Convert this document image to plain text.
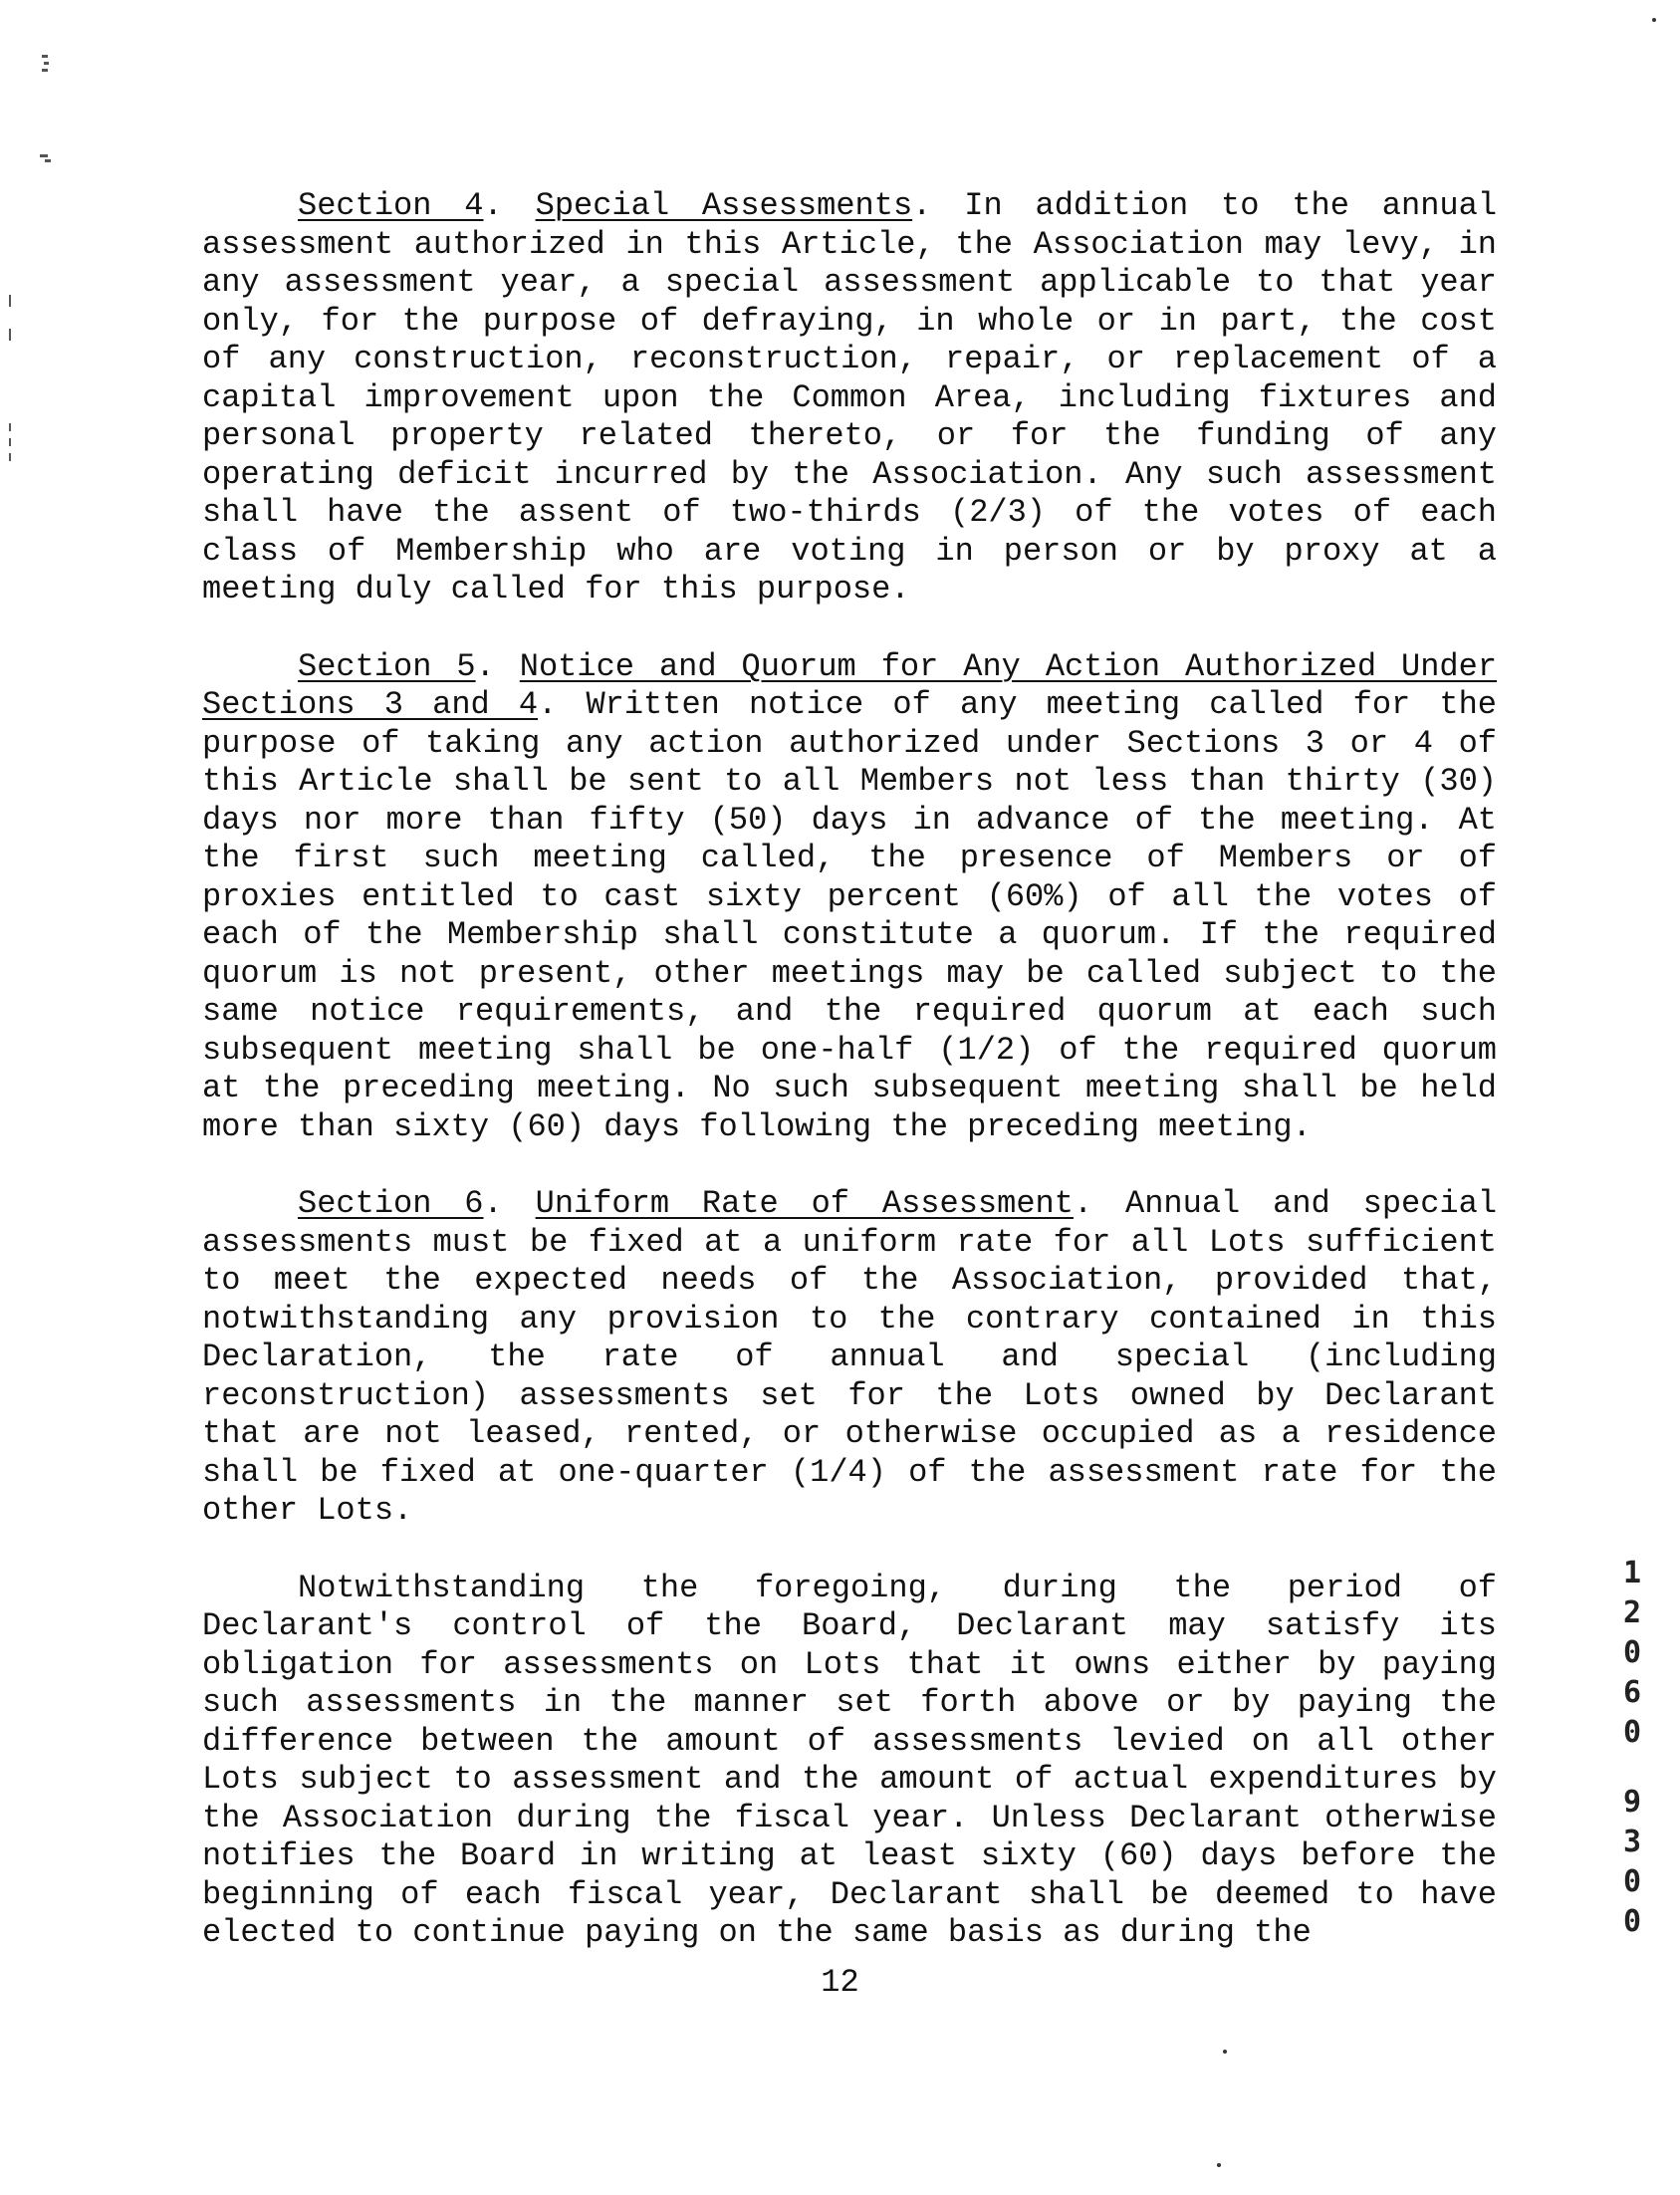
Section 4. Special Assessments. In addition to the annual assessment authorized in this Article, the Association may levy, in any assessment year, a special assessment applicable to that year only, for the purpose of defraying, in whole or in part, the cost of any construction, reconstruction, repair, or replacement of a capital improvement upon the Common Area, including fixtures and personal property related thereto, or for the funding of any operating deficit incurred by the Association. Any such assessment shall have the assent of two-thirds (2/3) of the votes of each class of Membership who are voting in person or by proxy at a meeting duly called for this purpose.

Section 5. Notice and Quorum for Any Action Authorized Under Sections 3 and 4. Written notice of any meeting called for the purpose of taking any action authorized under Sections 3 or 4 of this Article shall be sent to all Members not less than thirty (30) days nor more than fifty (50) days in advance of the meeting. At the first such meeting called, the presence of Members or of proxies entitled to cast sixty percent (60%) of all the votes of each of the Membership shall constitute a quorum. If the required quorum is not present, other meetings may be called subject to the same notice requirements, and the required quorum at each such subsequent meeting shall be one-half (1/2) of the required quorum at the preceding meeting. No such subsequent meeting shall be held more than sixty (60) days following the preceding meeting.

Section 6. Uniform Rate of Assessment. Annual and special assessments must be fixed at a uniform rate for all Lots sufficient to meet the expected needs of the Association, provided that, notwithstanding any provision to the contrary contained in this Declaration, the rate of annual and special (including reconstruction) assessments set for the Lots owned by Declarant that are not leased, rented, or otherwise occupied as a residence shall be fixed at one-quarter (1/4) of the assessment rate for the other Lots.

Notwithstanding the foregoing, during the period of Declarant's control of the Board, Declarant may satisfy its obligation for assessments on Lots that it owns either by paying such assessments in the manner set forth above or by paying the difference between the amount of assessments levied on all other Lots subject to assessment and the amount of actual expenditures by the Association during the fiscal year. Unless Declarant otherwise notifies the Board in writing at least sixty (60) days before the beginning of each fiscal year, Declarant shall be deemed to have elected to continue paying on the same basis as during the

12
1
2
0
6
0
9
3
0
0
